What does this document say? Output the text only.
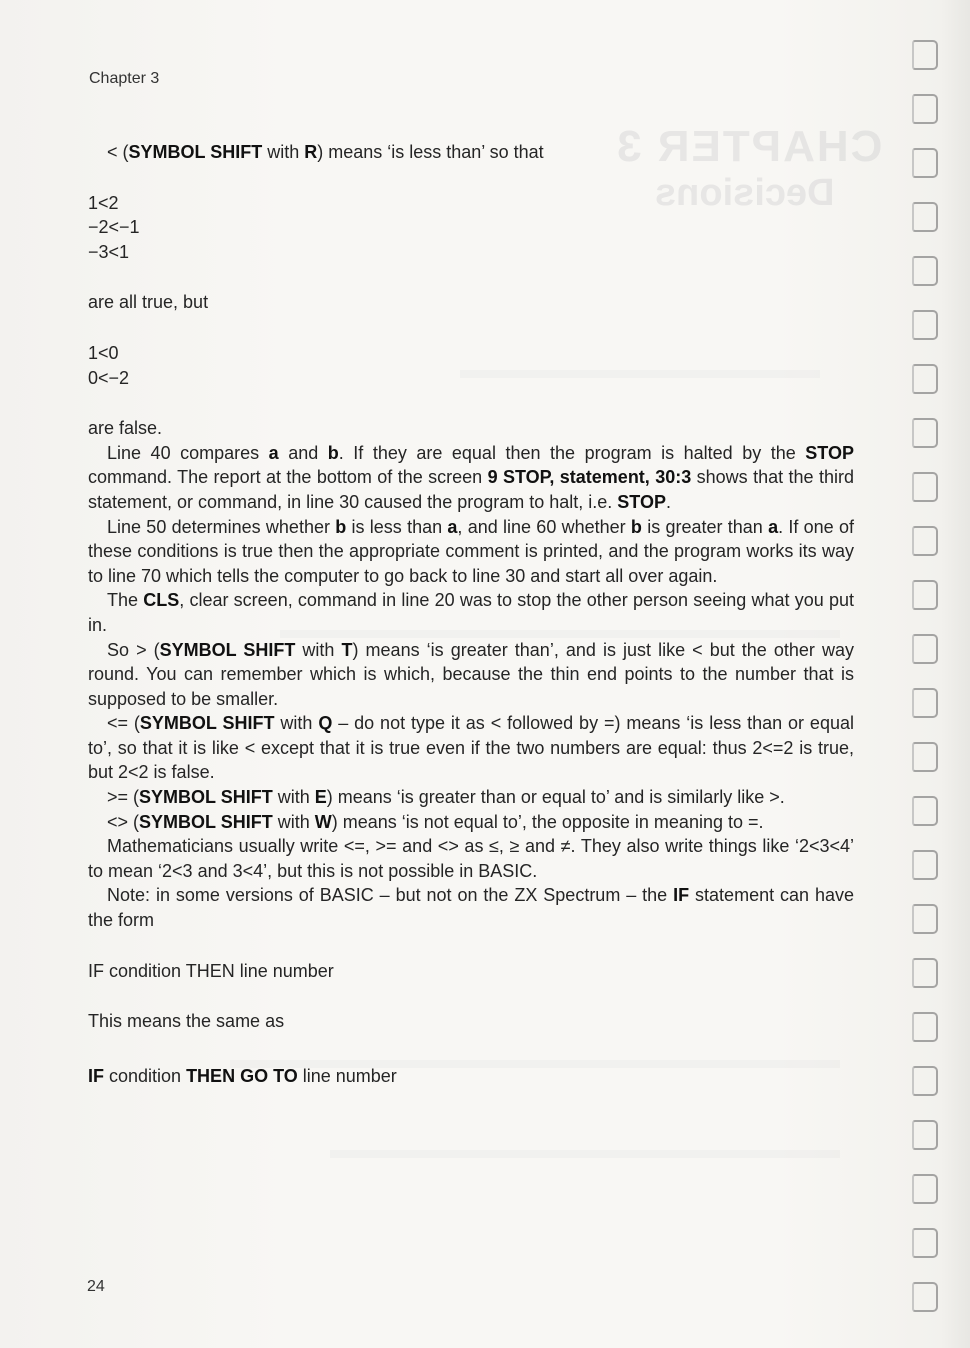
CHAPTER 3
Decisions
Chapter 3

< (SYMBOL SHIFT with R) means ‘is less than’ so that

1<2

−2<−1

−3<1

are all true, but

1<0

0<−2

are false.

Line 40 compares a and b. If they are equal then the program is halted by the STOP command. The report at the bottom of the screen 9 STOP, statement, 30:3 shows that the third statement, or command, in line 30 caused the program to halt, i.e. STOP.

Line 50 determines whether b is less than a, and line 60 whether b is greater than a. If one of these conditions is true then the appropriate comment is printed, and the program works its way to line 70 which tells the computer to go back to line 30 and start all over again.

The CLS, clear screen, command in line 20 was to stop the other person seeing what you put in.

So > (SYMBOL SHIFT with T) means ‘is greater than’, and is just like < but the other way round. You can remember which is which, because the thin end points to the number that is supposed to be smaller.

<= (SYMBOL SHIFT with Q – do not type it as < followed by =) means ‘is less than or equal to’, so that it is like < except that it is true even if the two numbers are equal: thus 2<=2 is true, but 2<2 is false.

>= (SYMBOL SHIFT with E) means ‘is greater than or equal to’ and is similarly like >.

<> (SYMBOL SHIFT with W) means ‘is not equal to’, the opposite in meaning to =.

Mathematicians usually write <=, >= and <> as ≤, ≥ and ≠. They also write things like ‘2<3<4’ to mean ‘2<3 and 3<4’, but this is not possible in BASIC.

Note: in some versions of BASIC – but not on the ZX Spectrum – the IF statement can have the form

IF condition THEN line number

This means the same as

IF condition THEN GO TO line number

24
